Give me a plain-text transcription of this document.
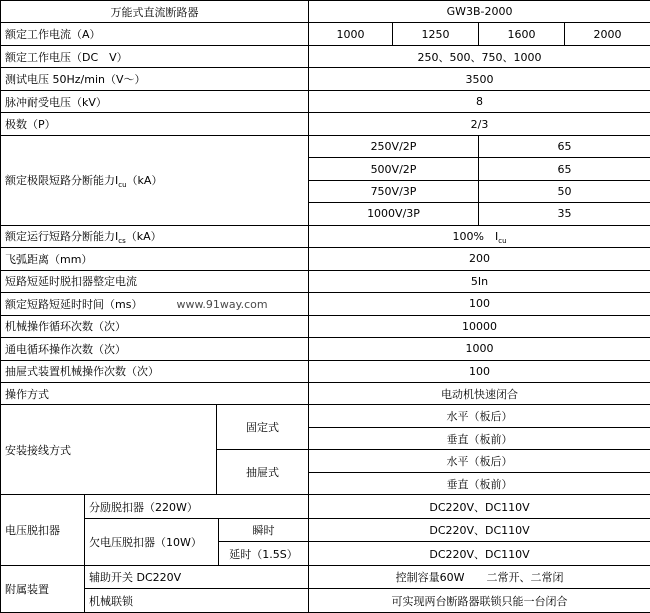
万能式直流断路器				GW3B-2000			
额定工作电流（A）				1000	1250	1600	2000
额定工作电压（DC　V）				250、500、750、1000			
测试电压 50Hz/min（V～）				3500			
脉冲耐受电压（kV）				8			
极数（P）				2/3			
额定极限短路分断能力$I_{cu}(kA)$				250V/2P		65	
				500V/2P		65	
				750V/3P		50	
				1000V/3P		35	
额定运行短路分断能力$I_{cs}(kA)$				100%　$I_{cu}$
飞弧距离（mm）				200			
短路短延时脱扣器整定电流				5In			
额定短路短延时时间（ms） www.91way.com				100			
机械操作循环次数（次）				10000			
通电循环操作次数（次）				1000			
抽屉式装置机械操作次数（次）				100			
操作方式				电动机快速闭合			
安装接线方式		固定式		水平（板后）			
				垂直（板前）			
		抽屉式		水平（板后）			
				垂直（板前）			
电压脱扣器	分励脱扣器（220W）			DC220V、DC110V			
	欠电压脱扣器（10W）		瞬时	DC220V、DC110V			
			延时（1.5S）	DC220V、DC110V			
附属装置	辅助开关 DC220V			控制容量60W　　二常开、二常闭			
	机械联锁			可实现两台断路器联锁只能一台闭合			
